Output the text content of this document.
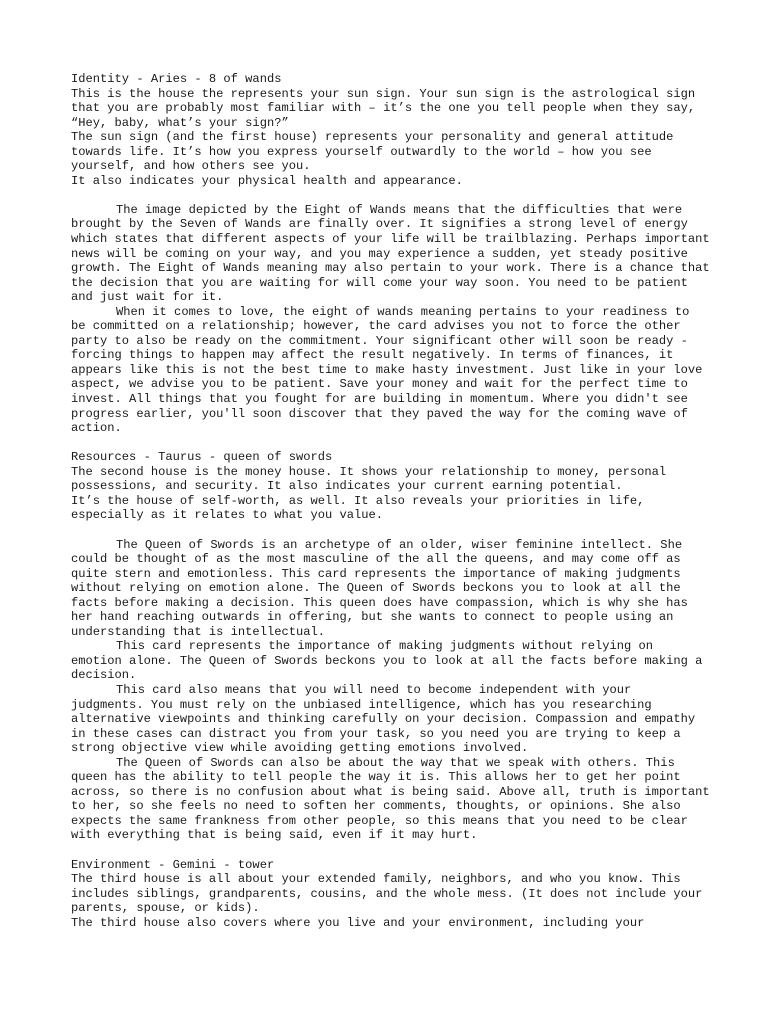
Identity - Aries - 8 of wands

This is the house the represents your sun sign. Your sun sign is the astrological sign that you are probably most familiar with – it’s the one you tell people when they say, “Hey, baby, what’s your sign?”

The sun sign (and the first house) represents your personality and general attitude towards life. It’s how you express yourself outwardly to the world – how you see yourself, and how others see you.

It also indicates your physical health and appearance.

The image depicted by the Eight of Wands means that the difficulties that were brought by the Seven of Wands are finally over. It signifies a strong level of energy which states that different aspects of your life will be trailblazing. Perhaps important news will be coming on your way, and you may experience a sudden, yet steady positive growth. The Eight of Wands meaning may also pertain to your work. There is a chance that the decision that you are waiting for will come your way soon. You need to be patient and just wait for it.

When it comes to love, the eight of wands meaning pertains to your readiness to be committed on a relationship; however, the card advises you not to force the other party to also be ready on the commitment. Your significant other will soon be ready - forcing things to happen may affect the result negatively. In terms of finances, it appears like this is not the best time to make hasty investment. Just like in your love aspect, we advise you to be patient. Save your money and wait for the perfect time to invest. All things that you fought for are building in momentum. Where you didn't see progress earlier, you'll soon discover that they paved the way for the coming wave of action.

Resources - Taurus - queen of swords

The second house is the money house. It shows your relationship to money, personal possessions, and security. It also indicates your current earning potential.

It’s the house of self-worth, as well. It also reveals your priorities in life, especially as it relates to what you value.

The Queen of Swords is an archetype of an older, wiser feminine intellect. She could be thought of as the most masculine of the all the queens, and may come off as quite stern and emotionless. This card represents the importance of making judgments without relying on emotion alone. The Queen of Swords beckons you to look at all the facts before making a decision. This queen does have compassion, which is why she has her hand reaching outwards in offering, but she wants to connect to people using an understanding that is intellectual.

This card represents the importance of making judgments without relying on emotion alone. The Queen of Swords beckons you to look at all the facts before making a decision.

This card also means that you will need to become independent with your judgments. You must rely on the unbiased intelligence, which has you researching alternative viewpoints and thinking carefully on your decision. Compassion and empathy in these cases can distract you from your task, so you need you are trying to keep a strong objective view while avoiding getting emotions involved.

The Queen of Swords can also be about the way that we speak with others. This queen has the ability to tell people the way it is. This allows her to get her point across, so there is no confusion about what is being said. Above all, truth is important to her, so she feels no need to soften her comments, thoughts, or opinions. She also expects the same frankness from other people, so this means that you need to be clear with everything that is being said, even if it may hurt.

Environment - Gemini - tower

The third house is all about your extended family, neighbors, and who you know. This includes siblings, grandparents, cousins, and the whole mess. (It does not include your parents, spouse, or kids).

The third house also covers where you live and your environment, including your
